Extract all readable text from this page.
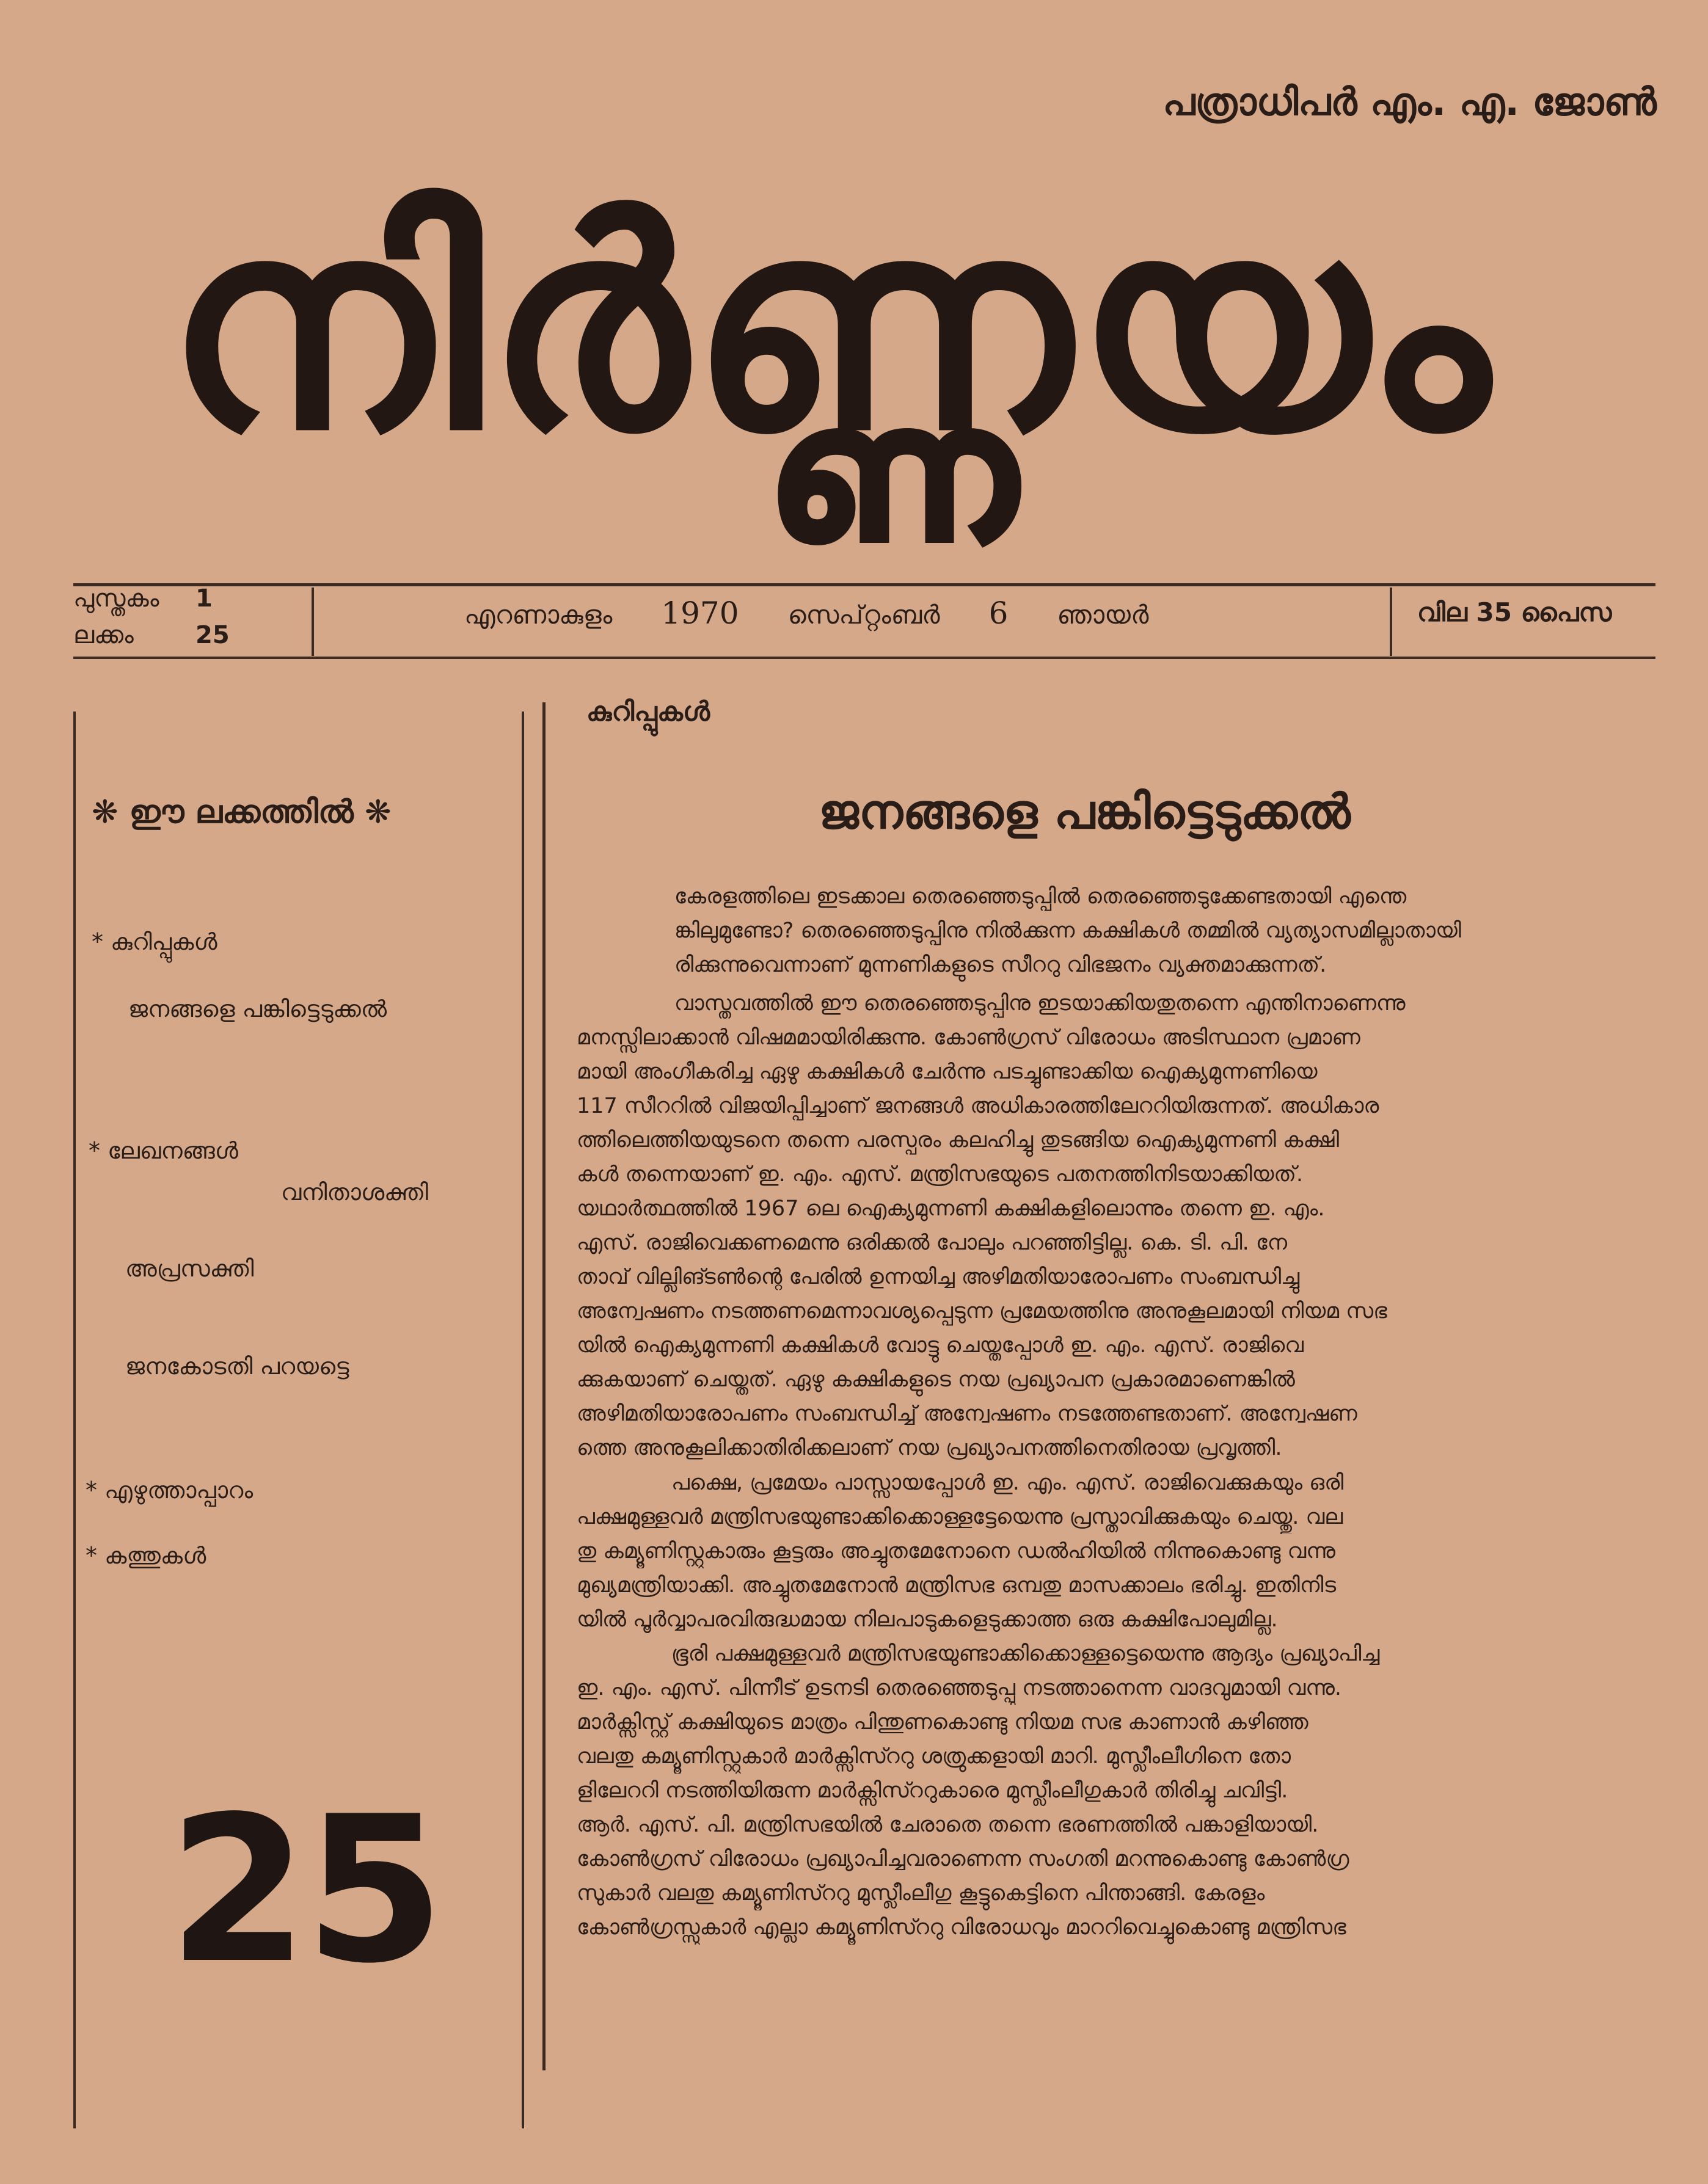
പത്രാധിപർ എം. എ. ജോൺ
നിർണ്ണയം
പുസ്തകം 1
ലക്കം	25
എറണാകുളം 1970 സെപ്റ്റംബർ 6 ഞായർ	വില 35 പൈസ
❋ ഈ ലക്കത്തിൽ ❋
* കുറിപ്പുകൾ
ജനങ്ങളെ പങ്കിട്ടെടുക്കൽ
* ലേഖനങ്ങൾ
വനിതാശക്തി
അപ്രസക്തി
ജനകോടതി പറയട്ടെ
* എഴുത്താപ്പാറം
* കത്തുകൾ
25
കുറിപ്പുകൾ
ജനങ്ങളെ പങ്കിട്ടെടുക്കൽ
കേരളത്തിലെ ഇടക്കാല തെരഞ്ഞെടുപ്പിൽ തെരഞ്ഞെടുക്കേണ്ടതായി എന്തെ
ങ്കിലുമുണ്ടോ? തെരഞ്ഞെടുപ്പിനു നിൽക്കുന്ന കക്ഷികൾ തമ്മിൽ വ്യത്യാസമില്ലാതായി
രിക്കുന്നുവെന്നാണ് മുന്നണികളുടെ സീററു വിഭജനം വ്യക്തമാക്കുന്നത്.
വാസ്തവത്തിൽ ഈ തെരഞ്ഞെടുപ്പിനു ഇടയാക്കിയതുതന്നെ എന്തിനാണെന്നു
മനസ്സിലാക്കാൻ വിഷമമായിരിക്കുന്നു. കോൺഗ്രസ് വിരോധം അടിസ്ഥാന പ്രമാണ
മായി അംഗീകരിച്ച ഏഴു കക്ഷികൾ ചേർന്നു പടച്ചുണ്ടാക്കിയ ഐക്യമുന്നണിയെ
117 സീററിൽ വിജയിപ്പിച്ചാണ് ജനങ്ങൾ അധികാരത്തിലേററിയിരുന്നത്. അധികാര
ത്തിലെത്തിയയുടനെ തന്നെ പരസ്പരം കലഹിച്ചു തുടങ്ങിയ ഐക്യമുന്നണി കക്ഷി
കൾ തന്നെയാണ് ഇ. എം. എസ്. മന്ത്രിസഭയുടെ പതനത്തിനിടയാക്കിയത്.
യഥാർത്ഥത്തിൽ 1967 ലെ ഐക്യമുന്നണി കക്ഷികളിലൊന്നും തന്നെ ഇ. എം.
എസ്. രാജിവെക്കണമെന്നു ഒരിക്കൽ പോലും പറഞ്ഞിട്ടില്ല. കെ. ടി. പി. നേ
താവ് വില്ലിങ്ടൺന്റെ പേരിൽ ഉന്നയിച്ച അഴിമതിയാരോപണം സംബന്ധിച്ചു
അന്വേഷണം നടത്തണമെന്നാവശ്യപ്പെടുന്ന പ്രമേയത്തിനു അനുകൂലമായി നിയമ സഭ
യിൽ ഐക്യമുന്നണി കക്ഷികൾ വോട്ടു ചെയ്തപ്പോൾ ഇ. എം. എസ്. രാജിവെ
ക്കുകയാണ് ചെയ്തത്. ഏഴു കക്ഷികളുടെ നയ പ്രഖ്യാപന പ്രകാരമാണെങ്കിൽ
അഴിമതിയാരോപണം സംബന്ധിച്ച് അന്വേഷണം നടത്തേണ്ടതാണ്. അന്വേഷണ
ത്തെ അനുകൂലിക്കാതിരിക്കലാണ് നയ പ്രഖ്യാപനത്തിനെതിരായ പ്രവൃത്തി.
പക്ഷെ, പ്രമേയം പാസ്സായപ്പോൾ ഇ. എം. എസ്. രാജിവെക്കുകയും ഒരി
പക്ഷമുള്ളവർ മന്ത്രിസഭയുണ്ടാക്കിക്കൊള്ളട്ടേയെന്നു പ്രസ്താവിക്കുകയും ചെയ്തു. വല
തു കമ്യൂണിസ്റ്റുകാരും കൂട്ടരും അച്ചുതമേനോനെ ഡൽഹിയിൽ നിന്നുകൊണ്ടു വന്നു
മുഖ്യമന്ത്രിയാക്കി. അച്ചുതമേനോൻ മന്ത്രിസഭ ഒമ്പതു മാസക്കാലം ഭരിച്ചു. ഇതിനിട
യിൽ പൂർവ്വാപരവിരുദ്ധമായ നിലപാടുകളെടുക്കാത്ത ഒരു കക്ഷിപോലുമില്ല.
ഭൂരി പക്ഷമുള്ളവർ മന്ത്രിസഭയുണ്ടാക്കിക്കൊള്ളട്ടെയെന്നു ആദ്യം പ്രഖ്യാപിച്ച
ഇ. എം. എസ്. പിന്നീട് ഉടനടി തെരഞ്ഞെടുപ്പു നടത്താനെന്ന വാദവുമായി വന്നു.
മാർക്സിസ്റ്റ് കക്ഷിയുടെ മാത്രം പിന്തുണകൊണ്ടു നിയമ സഭ കാണാൻ കഴിഞ്ഞ
വലതു കമ്യൂണിസ്റ്റുകാർ മാർക്സിസ്ററു ശത്രുക്കളായി മാറി. മുസ്ലീംലീഗിനെ തോ
ളിലേററി നടത്തിയിരുന്ന മാർക്സിസ്ററുകാരെ മുസ്ലീംലീഗുകാർ തിരിച്ചു ചവിട്ടി.
ആർ. എസ്. പി. മന്ത്രിസഭയിൽ ചേരാതെ തന്നെ ഭരണത്തിൽ പങ്കാളിയായി.
കോൺഗ്രസ് വിരോധം പ്രഖ്യാപിച്ചവരാണെന്ന സംഗതി മറന്നുകൊണ്ടു കോൺഗ്ര
സുകാർ വലതു കമ്യൂണിസ്ററു മുസ്ലീംലീഗു കൂട്ടുകെട്ടിനെ പിന്താങ്ങി. കേരളം
കോൺഗ്രസ്സുകാർ എല്ലാ കമ്യൂണിസ്ററു വിരോധവും മാററിവെച്ചുകൊണ്ടു മന്ത്രിസഭ
